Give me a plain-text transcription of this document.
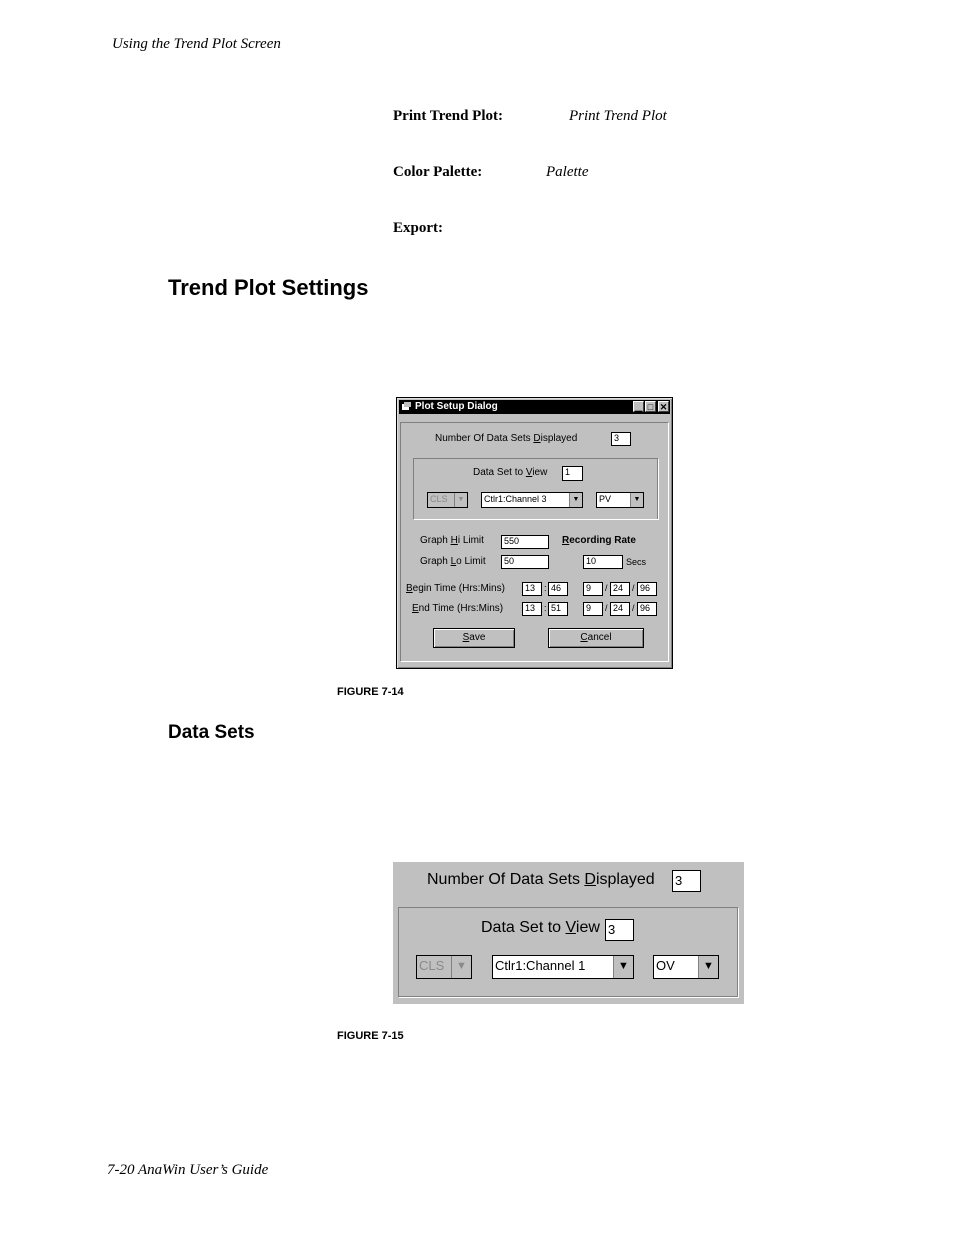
Using the Trend Plot Screen
Print Trend Plot:	Print Trend Plot
Color Palette:	Palette
Export:
Trend Plot Settings
Plot Setup Dialog	▁ □ ✕
Number Of Data Sets Displayed	3
Data Set to View	1
CLS	▼	Ctlr1:Channel 3	▼	PV	▼
Graph Hi Limit	550	Recording Rate
Graph Lo Limit	50	10	Secs
Begin Time (Hrs:Mins)	13 : 46	9	/ 24 / 96
End Time (Hrs:Mins)	13 : 51	9	/ 24 / 96
Save	Cancel
FIGURE 7-14
Data Sets
Number Of Data Sets Displayed 3
Data Set to View 3
CLS	▼	Ctlr1:Channel 1	▼	OV	▼
FIGURE 7-15
7-20 AnaWin User’s Guide
